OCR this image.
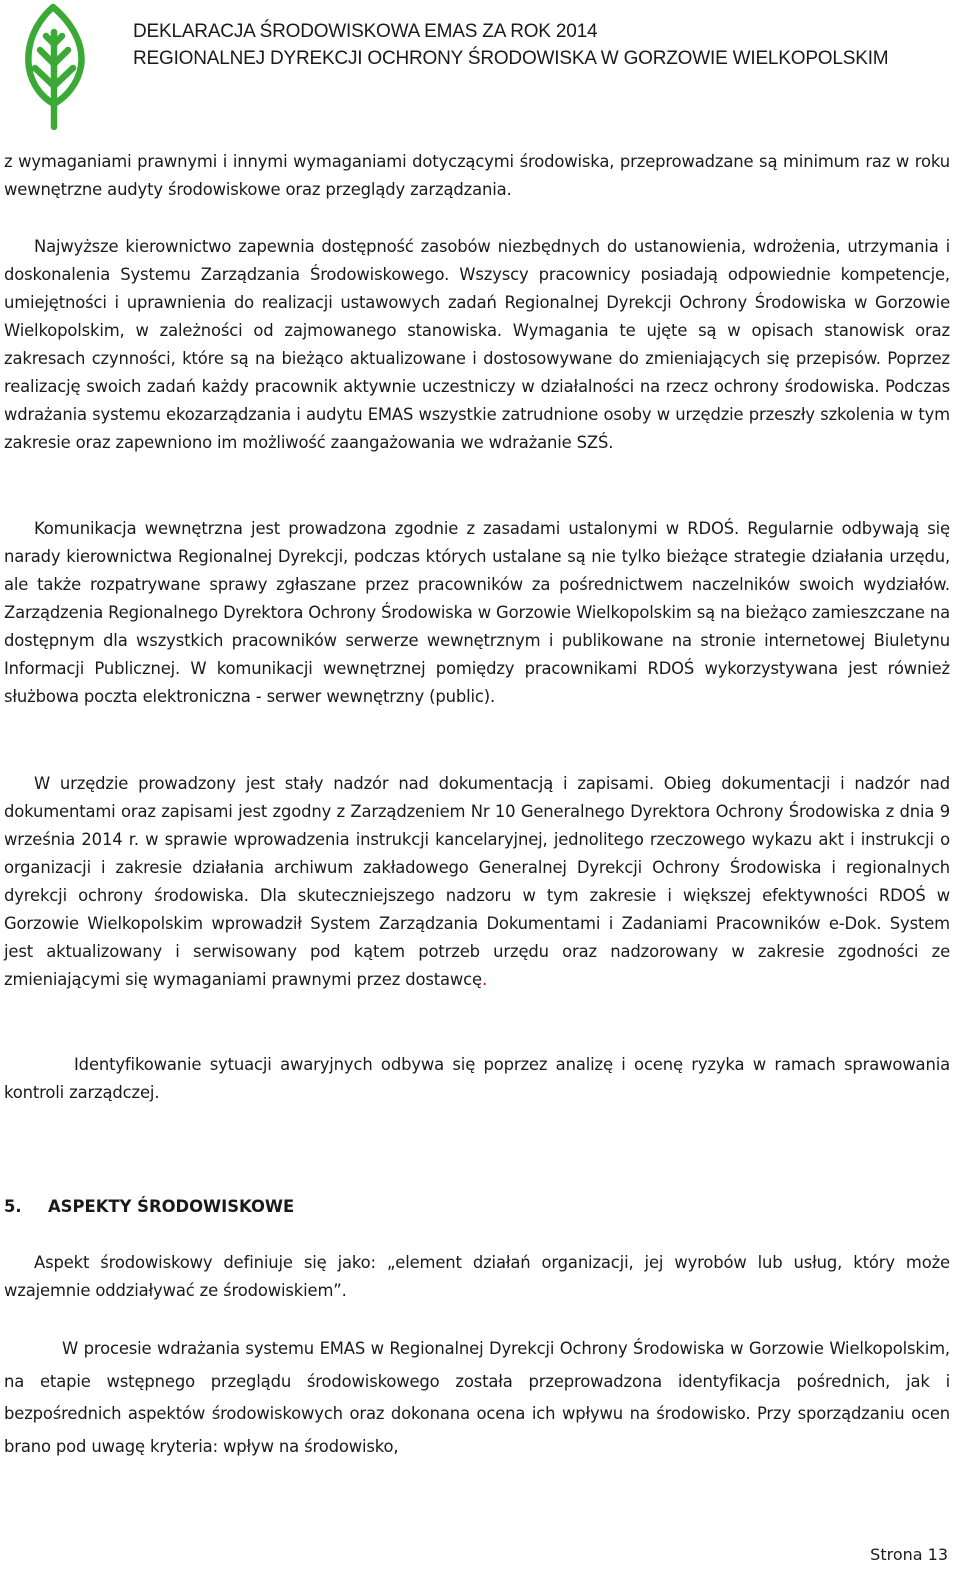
DEKLARACJA ŚRODOWISKOWA EMAS ZA ROK 2014
REGIONALNEJ DYREKCJI OCHRONY ŚRODOWISKA W GORZOWIE WIELKOPOLSKIM
z wymaganiami prawnymi i innymi wymaganiami dotyczącymi środowiska, przeprowadzane są minimum raz w roku wewnętrzne audyty środowiskowe oraz przeglądy zarządzania.
Najwyższe kierownictwo zapewnia dostępność zasobów niezbędnych do ustanowienia, wdrożenia, utrzymania i doskonalenia Systemu Zarządzania Środowiskowego. Wszyscy pracownicy posiadają odpowiednie kompetencje, umiejętności i uprawnienia do realizacji ustawowych zadań Regionalnej Dyrekcji Ochrony Środowiska w Gorzowie Wielkopolskim, w zależności od zajmowanego stanowiska. Wymagania te ujęte są w opisach stanowisk oraz zakresach czynności, które są na bieżąco aktualizowane i dostosowywane do zmieniających się przepisów. Poprzez realizację swoich zadań każdy pracownik aktywnie uczestniczy w działalności na rzecz ochrony środowiska. Podczas wdrażania systemu ekozarządzania i audytu EMAS wszystkie zatrudnione osoby w urzędzie przeszły szkolenia w tym zakresie oraz zapewniono im możliwość zaangażowania we wdrażanie SZŚ.
Komunikacja wewnętrzna jest prowadzona zgodnie z zasadami ustalonymi w RDOŚ. Regularnie odbywają się narady kierownictwa Regionalnej Dyrekcji, podczas których ustalane są nie tylko bieżące strategie działania urzędu, ale także rozpatrywane sprawy zgłaszane przez pracowników za pośrednictwem naczelników swoich wydziałów. Zarządzenia Regionalnego Dyrektora Ochrony Środowiska w Gorzowie Wielkopolskim są na bieżąco zamieszczane na dostępnym dla wszystkich pracowników serwerze wewnętrznym i publikowane na stronie internetowej Biuletynu Informacji Publicznej. W komunikacji wewnętrznej pomiędzy pracownikami RDOŚ wykorzystywana jest również służbowa poczta elektroniczna - serwer wewnętrzny (public).
W urzędzie prowadzony jest stały nadzór nad dokumentacją i zapisami. Obieg dokumentacji i nadzór nad dokumentami oraz zapisami jest zgodny z Zarządzeniem Nr 10 Generalnego Dyrektora Ochrony Środowiska z dnia 9 września 2014 r. w sprawie wprowadzenia instrukcji kancelaryjnej, jednolitego rzeczowego wykazu akt i instrukcji o organizacji i zakresie działania archiwum zakładowego Generalnej Dyrekcji Ochrony Środowiska i regionalnych dyrekcji ochrony środowiska. Dla skuteczniejszego nadzoru w tym zakresie i większej efektywności RDOŚ w Gorzowie Wielkopolskim wprowadził System Zarządzania Dokumentami i Zadaniami Pracowników e-Dok. System jest aktualizowany i serwisowany pod kątem potrzeb urzędu oraz nadzorowany w zakresie zgodności ze zmieniającymi się wymaganiami prawnymi przez dostawcę.
Identyfikowanie sytuacji awaryjnych odbywa się poprzez analizę i ocenę ryzyka w ramach sprawowania kontroli zarządczej.
5. ASPEKTY ŚRODOWISKOWE
Aspekt środowiskowy definiuje się jako: „element działań organizacji, jej wyrobów lub usług, który może wzajemnie oddziaływać ze środowiskiem”.
W procesie wdrażania systemu EMAS w Regionalnej Dyrekcji Ochrony Środowiska w Gorzowie Wielkopolskim, na etapie wstępnego przeglądu środowiskowego została przeprowadzona identyfikacja pośrednich, jak i bezpośrednich aspektów środowiskowych oraz dokonana ocena ich wpływu na środowisko. Przy sporządzaniu ocen brano pod uwagę kryteria: wpływ na środowisko,
Strona 13
